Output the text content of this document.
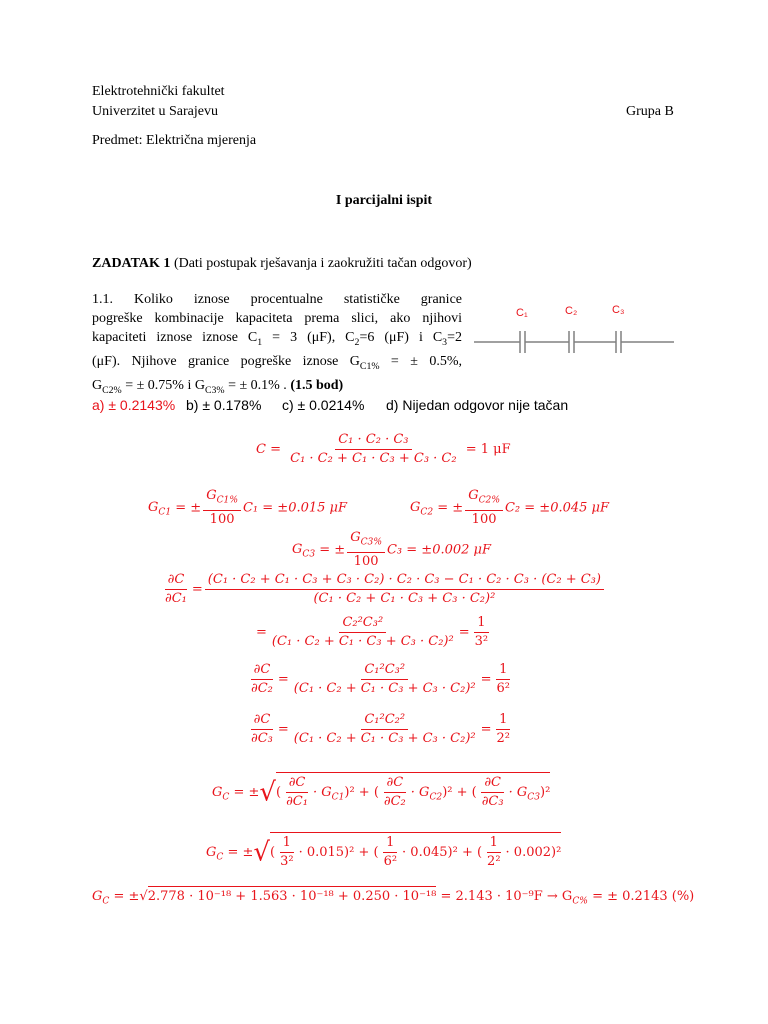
Elektrotehnički fakultet
Univerzitet u Sarajevu	Grupa B
Predmet: Električna mjerenja
I parcijalni ispit
ZADATAK 1 (Dati postupak rješavanja i zaokružiti tačan odgovor)
1.1. Koliko iznose procentualne statističke granice
pogreške kombinacije kapaciteta prema slici, ako njihovi
kapaciteti iznose iznose $C_1 = 3$ (μF), $C_2=6$ (μF) i $C_3=2$
(μF). Njihove granice pogreške iznose $G_{C1\%}$ = ± 0.5%,
$G_{C2\%}$ = ± 0.75% i $G_{C3\%}$ = ± 0.1% . (1.5 bod)
C₁	C₂	C₃
a) ± 0.2143% b) ± 0.178% c) ± 0.0214% d) Nijedan odgovor nije tačan
$C = \frac{\text{C₁ · C₂ · C₃}}{\text{C₁ · C₂ + C₁ · C₃ + C₃ · C₂}} = 1$ μF
$G_{C1}$ = ± $\frac{G_{C1\%}}{100} C_1 = \pm 0.015$ μF	$G_{C2}$ = ± $\frac{G_{C2\%}}{100} C_2 = \pm 0.045$ μF
$G_{C3}$ = ± $\frac{G_{C3\%}}{100} C_3 = \pm 0.002$ μF
$\frac{\partial C}{\text{∂C₁}}$ =
(C₁ · C₂ + C₁ · C₃ + C₃ · C₂) · C₂ · C₃ − C₁ · C₂ · C₃ · (C₂ + C₃)
(C₁ · C₂ + C₁ · C₃ + C₃ · C₂)²
= $\frac{\text{C₂²C₃²}}{\text{(C₁ · C₂ + C₁ · C₃ + C₃ · C₂)²}} = \frac{1}{\text{3²}}$
$\frac{\partial C}{\text{∂C₂}} = \frac{\text{C₁²C₃²}}{\text{(C₁ · C₂ + C₁ · C₃ + C₃ · C₂)²}} = \frac{1}{\text{6²}}$
$\frac{\partial C}{\text{∂C₃}} = \frac{\text{C₁²C₂²}}{\text{(C₁ · C₂ + C₁ · C₃ + C₃ · C₂)²}} = \frac{1}{\text{2²}}$
$G_C$ = ±√( $\frac{\partial C}{\text{∂C₁}} \cdot G_{C1})^2$ + ( $\frac{\partial C}{\text{∂C₂}} \cdot G_{C2})^2$ + ( $\frac{\partial C}{\text{∂C₃}} \cdot G_{C3})^2$
$G_C$ = ±√( $\frac{1}{\text{3²}} \cdot 0.015)^2$ + ( $\frac{1}{\text{6²}} \cdot 0.045)^2$ + ( $\frac{1}{\text{2²}} \cdot 0.002)^2$
$G_C = \pm√2.778 \cdot 10^{-18} + 1.563 \cdot 10^{-18} + 0.250 \cdot 10^{-18} = 2.143 \cdot 10^{-9}F \to G_{C\%}$ = ± 0.2143 (%)
